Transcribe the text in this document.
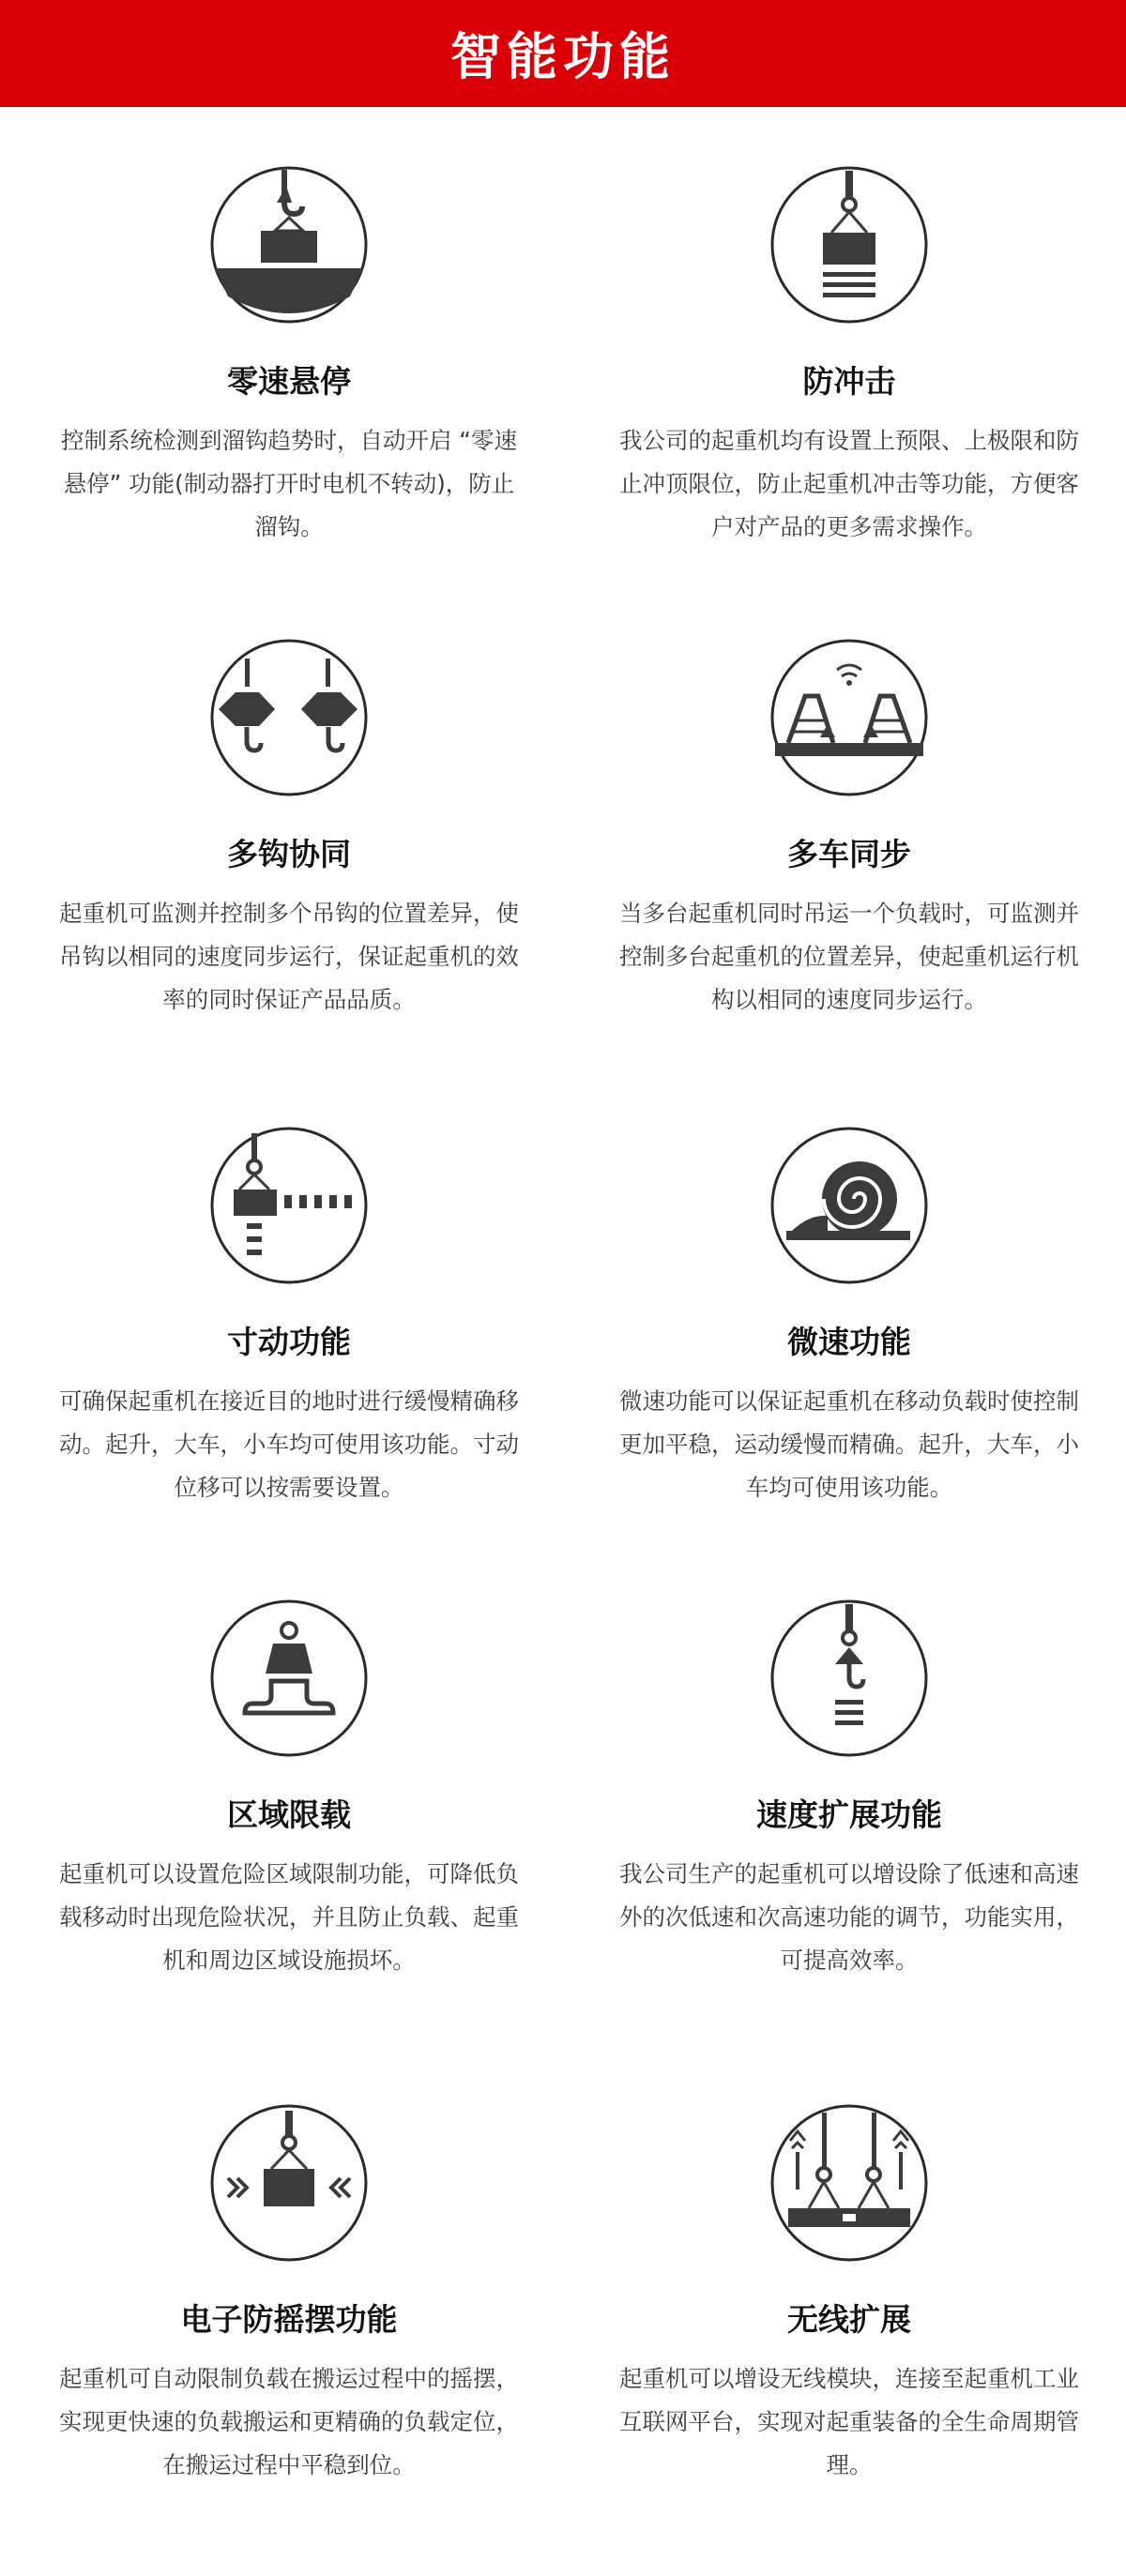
智能功能
零速悬停
控制系统检测到溜钩趋势时，自动开启 “零速
悬停” 功能(制动器打开时电机不转动)，防止
溜钩。
防冲击
我公司的起重机均有设置上预限、上极限和防
止冲顶限位，防止起重机冲击等功能，方便客
户对产品的更多需求操作。
多钩协同
起重机可监测并控制多个吊钩的位置差异，使
吊钩以相同的速度同步运行，保证起重机的效
率的同时保证产品品质。
多车同步
当多台起重机同时吊运一个负载时，可监测并
控制多台起重机的位置差异，使起重机运行机
构以相同的速度同步运行。
寸动功能
可确保起重机在接近目的地时进行缓慢精确移
动。起升，大车，小车均可使用该功能。寸动
位移可以按需要设置。
微速功能
微速功能可以保证起重机在移动负载时使控制
更加平稳，运动缓慢而精确。起升，大车，小
车均可使用该功能。
区域限载
起重机可以设置危险区域限制功能，可降低负
载移动时出现危险状况，并且防止负载、起重
机和周边区域设施损坏。
速度扩展功能
我公司生产的起重机可以增设除了低速和高速
外的次低速和次高速功能的调节，功能实用，
可提高效率。
电子防摇摆功能
起重机可自动限制负载在搬运过程中的摇摆，
实现更快速的负载搬运和更精确的负载定位，
在搬运过程中平稳到位。
无线扩展
起重机可以增设无线模块，连接至起重机工业
互联网平台，实现对起重装备的全生命周期管
理。
